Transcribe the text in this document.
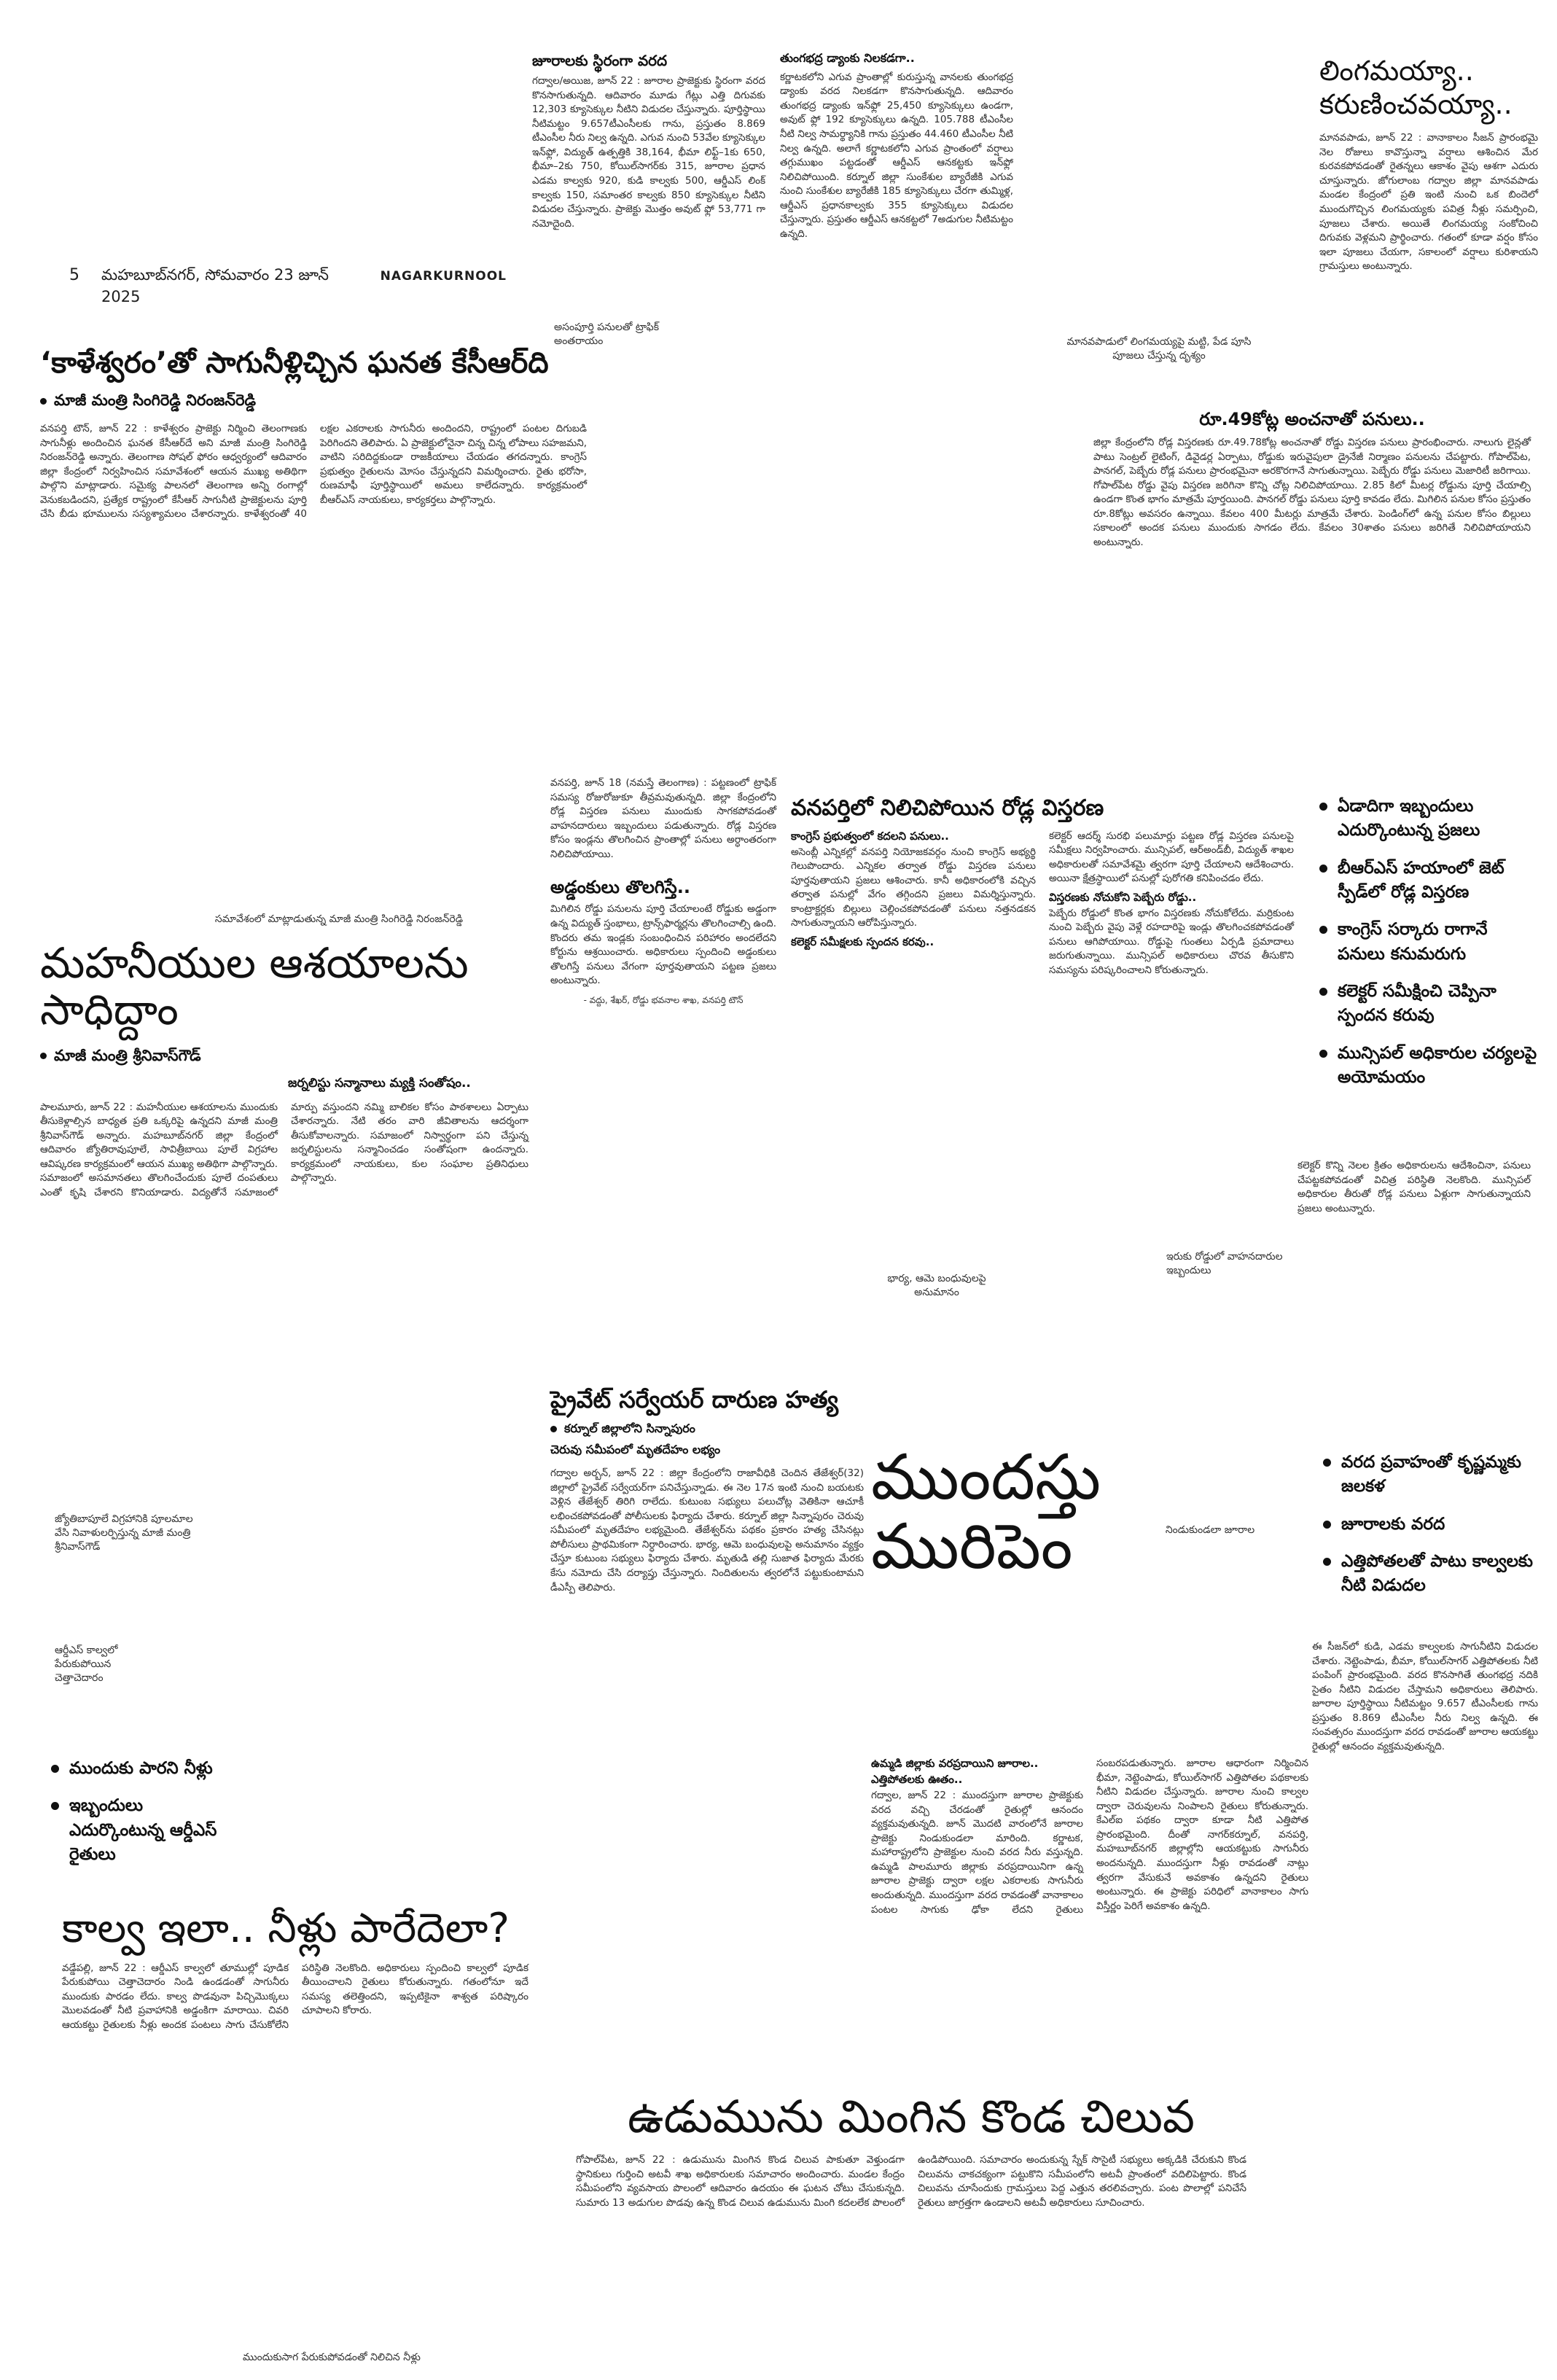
జూరాలకు స్థిరంగా వరద
గద్వాల/అయిజ, జూన్ 22 : జూరాల ప్రాజెక్టుకు స్థిరంగా వరద కొనసాగుతున్నది. ఆదివారం మూడు గేట్లు ఎత్తి దిగువకు 12,303 క్యూసెక్కుల నీటిని విడుదల చేస్తున్నారు. పూర్తిస్థాయి నీటిమట్టం 9.657టీఎంసీలకు గాను, ప్రస్తుతం 8.869 టీఎంసీల నీరు నిల్వ ఉన్నది. ఎగువ నుంచి 53వేల క్యూసెక్కుల ఇన్‌ఫ్లో, విద్యుత్ ఉత్పత్తికి 38,164, భీమా లిఫ్ట్‌–1కు 650, భీమా–2కు 750, కోయిల్‌సాగర్‌కు 315, జూరాల ప్రధాన ఎడమ కాల్వకు 920, కుడి కాల్వకు 500, ఆర్డీఎస్ లింక్ కాల్వకు 150, సమాంతర కాల్వకు 850 క్యూసెక్కుల నీటిని విడుదల చేస్తున్నారు. ప్రాజెక్టు మొత్తం అవుట్ ఫ్లో 53,771 గా నమోదైంది.
తుంగభద్ర డ్యాంకు నిలకడగా..
కర్ణాటకలోని ఎగువ ప్రాంతాల్లో కురుస్తున్న వానలకు తుంగభద్ర డ్యాంకు వరద నిలకడగా కొనసాగుతున్నది. ఆదివారం తుంగభద్ర డ్యాంకు ఇన్‌ఫ్లో 25,450 క్యూసెక్కులు ఉండగా, అవుట్ ఫ్లో 192 క్యూసెక్కులు ఉన్నది. 105.788 టీఎంసీల నీటి నిల్వ సామర్థ్యానికి గాను ప్రస్తుతం 44.460 టీఎంసీల నీటి నిల్వ ఉన్నది. అలాగే కర్ణాటకలోని ఎగువ ప్రాంతంలో వర్షాలు తగ్గుముఖం పట్టడంతో ఆర్డీఎస్ ఆనకట్టకు ఇన్‌ఫ్లో నిలిచిపోయింది. కర్నూల్ జిల్లా సుంకేశుల బ్యారేజీకి ఎగువ నుంచి సుంకేశుల బ్యారేజీకి 185 క్యూసెక్కులు చేరగా తుమ్మిళ్ల, ఆర్డీఎస్ ప్రధానకాల్వకు 355 క్యూసెక్కులు విడుదల చేస్తున్నారు. ప్రస్తుతం ఆర్డీఎస్ ఆనకట్టలో 7అడుగుల నీటిమట్టం ఉన్నది.
అసంపూర్తి పనులతో ట్రాఫిక్ అంతరాయం
లింగమయ్యా.. కరుణించవయ్యా..
మానవపాడు, జూన్ 22 : వానాకాలం సీజన్ ప్రారంభమై నెల రోజులు కావొస్తున్నా వర్షాలు ఆశించిన మేర కురవకపోవడంతో రైతన్నలు ఆకాశం వైపు ఆశగా ఎదురు చూస్తున్నారు. జోగులాంబ గద్వాల జిల్లా మానవపాడు మండల కేంద్రంలో ప్రతి ఇంటి నుంచి ఒక బిందెలో ముందుగొచ్చిన లింగమయ్యకు పవిత్ర నీళ్లు సమర్పించి, పూజలు చేశారు. అయితే లింగమయ్య సంకోచించి దిగువకు వెళ్లమని ప్రార్థించారు. గతంలో కూడా వర్షం కోసం ఇలా పూజలు చేయగా, సకాలంలో వర్షాలు కురిశాయని గ్రామస్తులు అంటున్నారు.
మానవపాడులో లింగమయ్యపై మట్టి, పేడ పూసి పూజలు చేస్తున్న దృశ్యం
5 మహబూబ్‌నగర్, సోమవారం 23 జూన్ 2025
NAGARKURNOOL
‘కాళేశ్వరం’తో సాగునీళ్లిచ్చిన ఘనత కేసీఆర్‌ది
మాజీ మంత్రి సింగిరెడ్డి నిరంజన్‌రెడ్డి
వనపర్తి టౌన్, జూన్ 22 : కాళేశ్వరం ప్రాజెక్టు నిర్మించి తెలంగాణకు సాగునీళ్లు అందించిన ఘనత కేసీఆర్‌దే అని మాజీ మంత్రి సింగిరెడ్డి నిరంజన్‌రెడ్డి అన్నారు. తెలంగాణ సోషల్ ఫోరం ఆధ్వర్యంలో ఆదివారం జిల్లా కేంద్రంలో నిర్వహించిన సమావేశంలో ఆయన ముఖ్య అతిథిగా పాల్గొని మాట్లాడారు. సమైక్య పాలనలో తెలంగాణ అన్ని రంగాల్లో వెనుకబడిందని, ప్రత్యేక రాష్ట్రంలో కేసీఆర్ సాగునీటి ప్రాజెక్టులను పూర్తి చేసి బీడు భూములను సస్యశ్యామలం చేశారన్నారు. కాళేశ్వరంతో 40 లక్షల ఎకరాలకు సాగునీరు అందిందని, రాష్ట్రంలో పంటల దిగుబడి పెరిగిందని తెలిపారు. ఏ ప్రాజెక్టులోనైనా చిన్న చిన్న లోపాలు సహజమని, వాటిని సరిదిద్దకుండా రాజకీయాలు చేయడం తగదన్నారు. కాంగ్రెస్ ప్రభుత్వం రైతులను మోసం చేస్తున్నదని విమర్శించారు. రైతు భరోసా, రుణమాఫీ పూర్తిస్థాయిలో అమలు కాలేదన్నారు. కార్యక్రమంలో బీఆర్ఎస్ నాయకులు, కార్యకర్తలు పాల్గొన్నారు.
రూ.49కోట్ల అంచనాతో పనులు..
జిల్లా కేంద్రంలోని రోడ్ల విస్తరణకు రూ.49.78కోట్ల అంచనాతో రోడ్డు విస్తరణ పనులు ప్రారంభించారు. నాలుగు లైన్లతో పాటు సెంట్రల్ లైటింగ్, డివైడర్ల ఏర్పాటు, రోడ్డుకు ఇరువైపులా డ్రైనేజీ నిర్మాణం పనులను చేపట్టారు. గోపాల్‌పేట, పానగల్, పెబ్బేరు రోడ్ల పనులు ప్రారంభమైనా అరకొరగానే సాగుతున్నాయి. పెబ్బేరు రోడ్డు పనులు మెజారిటీ జరిగాయి. గోపాల్‌పేట రోడ్డు వైపు విస్తరణ జరిగినా కొన్ని చోట్ల నిలిచిపోయాయి. 2.85 కిలో మీటర్ల రోడ్డును పూర్తి చేయాల్సి ఉండగా కొంత భాగం మాత్రమే పూర్తయింది. పానగల్ రోడ్డు పనులు పూర్తి కావడం లేదు. మిగిలిన పనుల కోసం ప్రస్తుతం రూ.8కోట్లు అవసరం ఉన్నాయి. కేవలం 400 మీటర్లు మాత్రమే చేశారు. పెండింగ్‌లో ఉన్న పనుల కోసం బిల్లులు సకాలంలో అందక పనులు ముందుకు సాగడం లేదు. కేవలం 30శాతం పనులు జరిగితే నిలిచిపోయాయని అంటున్నారు.
సమావేశంలో మాట్లాడుతున్న మాజీ మంత్రి సింగిరెడ్డి నిరంజన్‌రెడ్డి
మహనీయుల ఆశయాలను సాధిద్దాం
మాజీ మంత్రి శ్రీనివాస్‌గౌడ్
జర్నలిస్టు సన్మానాలు మ్యక్తి సంతోషం..
పాలమూరు, జూన్ 22 : మహనీయుల ఆశయాలను ముందుకు తీసుకెళ్లాల్సిన బాధ్యత ప్రతి ఒక్కరిపై ఉన్నదని మాజీ మంత్రి శ్రీనివాస్‌గౌడ్ అన్నారు. మహబూబ్‌నగర్ జిల్లా కేంద్రంలో ఆదివారం జ్యోతిరావుపూలే, సావిత్రీబాయి పూలే విగ్రహాల ఆవిష్కరణ కార్యక్రమంలో ఆయన ముఖ్య అతిథిగా పాల్గొన్నారు. సమాజంలో అసమానతలు తొలగించేందుకు పూలే దంపతులు ఎంతో కృషి చేశారని కొనియాడారు. విద్యతోనే సమాజంలో మార్పు వస్తుందని నమ్మి బాలికల కోసం పాఠశాలలు ఏర్పాటు చేశారన్నారు. నేటి తరం వారి జీవితాలను ఆదర్శంగా తీసుకోవాలన్నారు. సమాజంలో నిస్వార్థంగా పని చేస్తున్న జర్నలిస్టులను సన్మానించడం సంతోషంగా ఉందన్నారు. కార్యక్రమంలో నాయకులు, కుల సంఘాల ప్రతినిధులు పాల్గొన్నారు.
వనపర్తి, జూన్ 18 (నమస్తే తెలంగాణ) : పట్టణంలో ట్రాఫిక్ సమస్య రోజురోజుకూ తీవ్రమవుతున్నది. జిల్లా కేంద్రంలోని రోడ్ల విస్తరణ పనులు ముందుకు సాగకపోవడంతో వాహనదారులు ఇబ్బందులు పడుతున్నారు. రోడ్ల విస్తరణ కోసం ఇండ్లను తొలగించిన ప్రాంతాల్లో పనులు అర్ధాంతరంగా నిలిచిపోయాయి.
అడ్డంకులు తొలగిస్తే..
మిగిలిన రోడ్డు పనులను పూర్తి చేయాలంటే రోడ్డుకు అడ్డంగా ఉన్న విద్యుత్ స్తంభాలు, ట్రాన్స్‌ఫార్మర్లను తొలగించాల్సి ఉంది. కొందరు తమ ఇండ్లకు సంబంధించిన పరిహారం అందలేదని కోర్టును ఆశ్రయించారు. అధికారులు స్పందించి అడ్డంకులు తొలగిస్తే పనులు వేగంగా పూర్తవుతాయని పట్టణ ప్రజలు అంటున్నారు.
- వద్దు, శేఖర్, రోడ్డు భవనాల శాఖ, వనపర్తి టౌన్
వనపర్తిలో నిలిచిపోయిన రోడ్ల విస్తరణ
కాంగ్రెస్ ప్రభుత్వంలో కదలని పనులు..
అసెంబ్లీ ఎన్నికల్లో వనపర్తి నియోజకవర్గం నుంచి కాంగ్రెస్ అభ్యర్థి గెలుపొందారు. ఎన్నికల తర్వాత రోడ్డు విస్తరణ పనులు పూర్తవుతాయని ప్రజలు ఆశించారు. కానీ అధికారంలోకి వచ్చిన తర్వాత పనుల్లో వేగం తగ్గిందని ప్రజలు విమర్శిస్తున్నారు. కాంట్రాక్టర్లకు బిల్లులు చెల్లించకపోవడంతో పనులు నత్తనడకన సాగుతున్నాయని ఆరోపిస్తున్నారు.
కలెక్టర్ సమీక్షలకు స్పందన కరవు..
కలెక్టర్ ఆదర్శ్ సురభి పలుమార్లు పట్టణ రోడ్ల విస్తరణ పనులపై సమీక్షలు నిర్వహించారు. మున్సిపల్, ఆర్‌అండ్‌బీ, విద్యుత్ శాఖల అధికారులతో సమావేశమై త్వరగా పూర్తి చేయాలని ఆదేశించారు. అయినా క్షేత్రస్థాయిలో పనుల్లో పురోగతి కనిపించడం లేదు.
విస్తరణకు నోచుకోని పెబ్బేరు రోడ్డు..
పెబ్బేరు రోడ్డులో కొంత భాగం విస్తరణకు నోచుకోలేదు. మర్రికుంట నుంచి పెబ్బేరు వైపు వెళ్లే రహదారిపై ఇండ్లు తొలగించకపోవడంతో పనులు ఆగిపోయాయి. రోడ్డుపై గుంతలు ఏర్పడి ప్రమాదాలు జరుగుతున్నాయి. మున్సిపల్ అధికారులు చొరవ తీసుకొని సమస్యను పరిష్కరించాలని కోరుతున్నారు.
ఏడాదిగా ఇబ్బందులు ఎదుర్కొంటున్న ప్రజలు
బీఆర్ఎస్ హయాంలో జెట్ స్పీడ్‌లో రోడ్ల విస్తరణ
కాంగ్రెస్ సర్కారు రాగానే పనులు కనుమరుగు
కలెక్టర్ సమీక్షించి చెప్పినా స్పందన కరువు
మున్సిపల్ అధికారుల చర్యలపై అయోమయం
కలెక్టర్ కొన్ని నెలల క్రితం అధికారులను ఆదేశించినా, పనులు చేపట్టకపోవడంతో విచిత్ర పరిస్థితి నెలకొంది. మున్సిపల్ అధికారుల తీరుతో రోడ్ల పనులు ఏళ్లుగా సాగుతున్నాయని ప్రజలు అంటున్నారు.
ఇరుకు రోడ్డులో వాహనదారుల ఇబ్బందులు
భార్య, ఆమె బంధువులపై అనుమానం
ప్రైవేట్ సర్వేయర్ దారుణ హత్య
కర్నూల్ జిల్లాలోని సిన్నాపురం
చెరువు సమీపంలో మృతదేహం లభ్యం
గద్వాల అర్బన్, జూన్ 22 : జిల్లా కేంద్రంలోని రాజావీధికి చెందిన తేజేశ్వర్(32) జిల్లాలో ప్రైవేట్ సర్వేయర్‌గా పనిచేస్తున్నాడు. ఈ నెల 17న ఇంటి నుంచి బయటకు వెళ్లిన తేజేశ్వర్ తిరిగి రాలేదు. కుటుంబ సభ్యులు పలుచోట్ల వెతికినా ఆచూకీ లభించకపోవడంతో పోలీసులకు ఫిర్యాదు చేశారు. కర్నూల్ జిల్లా సిన్నాపురం చెరువు సమీపంలో మృతదేహం లభ్యమైంది. తేజేశ్వర్‌ను పథకం ప్రకారం హత్య చేసినట్లు పోలీసులు ప్రాథమికంగా నిర్ధారించారు. భార్య, ఆమె బంధువులపై అనుమానం వ్యక్తం చేస్తూ కుటుంబ సభ్యులు ఫిర్యాదు చేశారు. మృతుడి తల్లి సుజాత ఫిర్యాదు మేరకు కేసు నమోదు చేసి దర్యాప్తు చేస్తున్నారు. నిందితులను త్వరలోనే పట్టుకుంటామని డీఎస్పీ తెలిపారు.
జ్యోతిబాపూలే విగ్రహానికి పూలమాల వేసి నివాళులర్పిస్తున్న మాజీ మంత్రి శ్రీనివాస్‌గౌడ్
ఆర్డీఎస్ కాల్వలో పేరుకుపోయిన చెత్తాచెదారం
ముందుకు పారని నీళ్లు
ఇబ్బందులు ఎదుర్కొంటున్న ఆర్డీఎస్ రైతులు
కాల్వ ఇలా.. నీళ్లు పారేదెలా?
వడ్డేపల్లి, జూన్ 22 : ఆర్డీఎస్ కాల్వలో తూముల్లో పూడిక పేరుకుపోయి చెత్తాచెదారం నిండి ఉండడంతో సాగునీరు ముందుకు పారడం లేదు. కాల్వ పొడవునా పిచ్చిమొక్కలు మొలవడంతో నీటి ప్రవాహానికి అడ్డంకిగా మారాయి. చివరి ఆయకట్టు రైతులకు నీళ్లు అందక పంటలు సాగు చేసుకోలేని పరిస్థితి నెలకొంది. అధికారులు స్పందించి కాల్వలో పూడిక తీయించాలని రైతులు కోరుతున్నారు. గతంలోనూ ఇదే సమస్య తలెత్తిందని, ఇప్పటికైనా శాశ్వత పరిష్కారం చూపాలని కోరారు.
ముందస్తు మురిపెం	నిండుకుండలా జూరాల
వరద ప్రవాహంతో కృష్ణమ్మకు జలకళ
జూరాలకు వరద
ఎత్తిపోతలతో పాటు కాల్వలకు నీటి విడుదల
ఈ సీజన్‌లో కుడి, ఎడమ కాల్వలకు సాగునీటిని విడుదల చేశారు. నెట్టెంపాడు, బీమా, కోయిల్‌సాగర్ ఎత్తిపోతలకు నీటి పంపింగ్ ప్రారంభమైంది. వరద కొనసాగితే తుంగభద్ర నదికి సైతం నీటిని విడుదల చేస్తామని అధికారులు తెలిపారు. జూరాల పూర్తిస్థాయి నీటిమట్టం 9.657 టీఎంసీలకు గాను ప్రస్తుతం 8.869 టీఎంసీల నీరు నిల్వ ఉన్నది. ఈ సంవత్సరం ముందస్తుగా వరద రావడంతో జూరాల ఆయకట్టు రైతుల్లో ఆనందం వ్యక్తమవుతున్నది.
ఉమ్మడి జిల్లాకు వరప్రదాయిని జూరాల..
ఎత్తిపోతలకు ఊతం..
గద్వాల, జూన్ 22 : ముందస్తుగా జూరాల ప్రాజెక్టుకు వరద వచ్చి చేరడంతో రైతుల్లో ఆనందం వ్యక్తమవుతున్నది. జూన్ మొదటి వారంలోనే జూరాల ప్రాజెక్టు నిండుకుండలా మారింది. కర్ణాటక, మహారాష్ట్రలోని ప్రాజెక్టుల నుంచి వరద నీరు వస్తున్నది. ఉమ్మడి పాలమూరు జిల్లాకు వరప్రదాయినిగా ఉన్న జూరాల ప్రాజెక్టు ద్వారా లక్షల ఎకరాలకు సాగునీరు అందుతున్నది. ముందస్తుగా వరద రావడంతో వానాకాలం పంటల సాగుకు ఢోకా లేదని రైతులు సంబరపడుతున్నారు. జూరాల ఆధారంగా నిర్మించిన భీమా, నెట్టెంపాడు, కోయిల్‌సాగర్ ఎత్తిపోతల పథకాలకు నీటిని విడుదల చేస్తున్నారు. జూరాల నుంచి కాల్వల ద్వారా చెరువులను నింపాలని రైతులు కోరుతున్నారు. కేఎల్ఐ పథకం ద్వారా కూడా నీటి ఎత్తిపోత ప్రారంభమైంది. దీంతో నాగర్‌కర్నూల్, వనపర్తి, మహబూబ్‌నగర్ జిల్లాల్లోని ఆయకట్టుకు సాగునీరు అందనున్నది. ముందస్తుగా నీళ్లు రావడంతో నాట్లు త్వరగా వేసుకునే అవకాశం ఉన్నదని రైతులు అంటున్నారు. ఈ ప్రాజెక్టు పరిధిలో వానాకాలం సాగు విస్తీర్ణం పెరిగే అవకాశం ఉన్నది.
ఉడుమును మింగిన కొండ చిలువ
గోపాల్‌పేట, జూన్ 22 : ఉడుమును మింగిన కొండ చిలువ పాకుతూ వెళ్తుండగా స్థానికులు గుర్తించి అటవీ శాఖ అధికారులకు సమాచారం అందించారు. మండల కేంద్రం సమీపంలోని వ్యవసాయ పొలంలో ఆదివారం ఉదయం ఈ ఘటన చోటు చేసుకున్నది. సుమారు 13 అడుగుల పొడవు ఉన్న కొండ చిలువ ఉడుమును మింగి కదలలేక పొలంలో ఉండిపోయింది. సమాచారం అందుకున్న స్నేక్ సొసైటీ సభ్యులు అక్కడికి చేరుకుని కొండ చిలువను చాకచక్యంగా పట్టుకొని సమీపంలోని అటవీ ప్రాంతంలో వదిలిపెట్టారు. కొండ చిలువను చూసేందుకు గ్రామస్తులు పెద్ద ఎత్తున తరలివచ్చారు. పంట పొలాల్లో పనిచేసే రైతులు జాగ్రత్తగా ఉండాలని అటవీ అధికారులు సూచించారు.
ముందుకుసాగ పేరుకుపోవడంతో నిలిచిన నీళ్లు
